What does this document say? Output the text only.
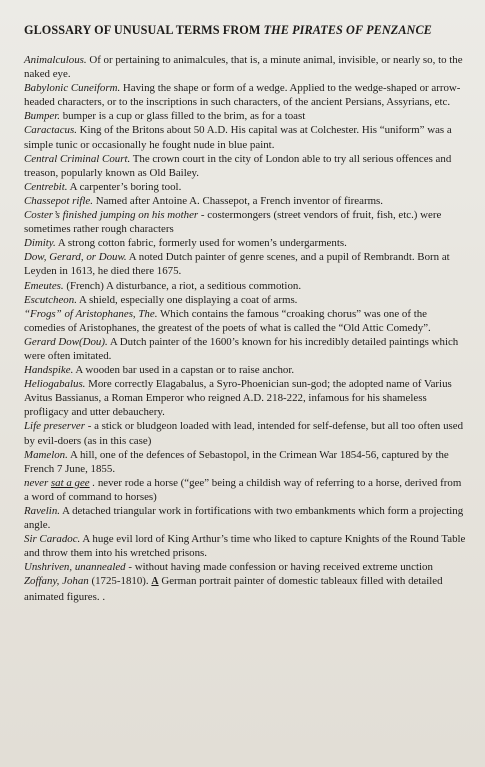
GLOSSARY OF UNUSUAL TERMS FROM THE PIRATES OF PENZANCE
Animalculous. Of or pertaining to animalcules, that is, a minute animal, invisible, or nearly so, to the naked eye.
Babylonic Cuneiform. Having the shape or form of a wedge. Applied to the wedge-shaped or arrow-headed characters, or to the inscriptions in such characters, of the ancient Persians, Assyrians, etc.
Bumper. bumper is a cup or glass filled to the brim, as for a toast
Caractacus. King of the Britons about 50 A.D. His capital was at Colchester. His “uniform” was a simple tunic or occasionally he fought nude in blue paint.
Central Criminal Court. The crown court in the city of London able to try all serious offences and treason, popularly known as Old Bailey.
Centrebit. A carpenter’s boring tool.
Chassepot rifle. Named after Antoine A. Chassepot, a French inventor of firearms.
Coster’s finished jumping on his mother - costermongers (street vendors of fruit, fish, etc.) were sometimes rather rough characters
Dimity. A strong cotton fabric, formerly used for women’s undergarments.
Dow, Gerard, or Douw. A noted Dutch painter of genre scenes, and a pupil of Rembrandt. Born at Leyden in 1613, he died there 1675.
Emeutes. (French) A disturbance, a riot, a seditious commotion.
Escutcheon. A shield, especially one displaying a coat of arms.
“Frogs” of Aristophanes, The. Which contains the famous “croaking chorus” was one of the comedies of Aristophanes, the greatest of the poets of what is called the “Old Attic Comedy”.
Gerard Dow(Dou). A Dutch painter of the 1600’s known for his incredibly detailed paintings which were often imitated.
Handspike. A wooden bar used in a capstan or to raise anchor.
Heliogabalus. More correctly Elagabalus, a Syro-Phoenician sun-god; the adopted name of Varius Avitus Bassianus, a Roman Emperor who reigned A.D. 218-222, infamous for his shameless profligacy and utter debauchery.
Life preserver - a stick or bludgeon loaded with lead, intended for self-defense, but all too often used by evil-doers (as in this case)
Mamelon. A hill, one of the defences of Sebastopol, in the Crimean War 1854-56, captured by the French 7 June, 1855.
never sat a gee . never rode a horse (“gee” being a childish way of referring to a horse, derived from a word of command to horses)
Ravelin. A detached triangular work in fortifications with two embankments which form a projecting angle.
Sir Caradoc. A huge evil lord of King Arthur’s time who liked to capture Knights of the Round Table and throw them into his wretched prisons.
Unshriven, unannealed - without having made confession or having received extreme unction
Zoffany, Johan (1725-1810). A German portrait painter of domestic tableaux filled with detailed animated figures. .
